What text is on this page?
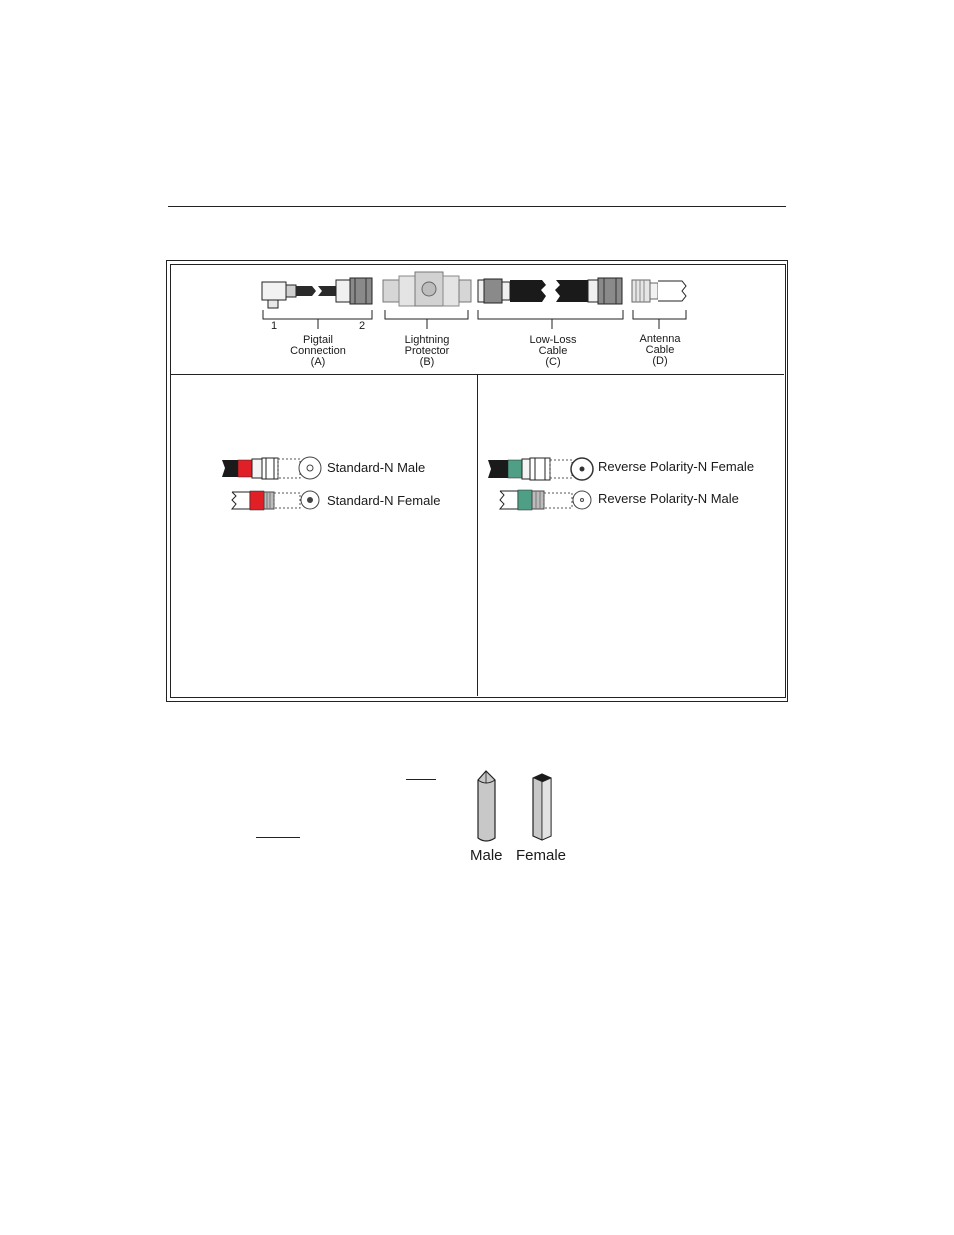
1	2
Pigtail
Connection
(A)
Lightning
Protector
(B)
Low-Loss
Cable
(C)
Antenna
Cable
(D)
Standard-N Male
Standard-N Female
Reverse Polarity-N Female
Reverse Polarity-N Male
Male Female
